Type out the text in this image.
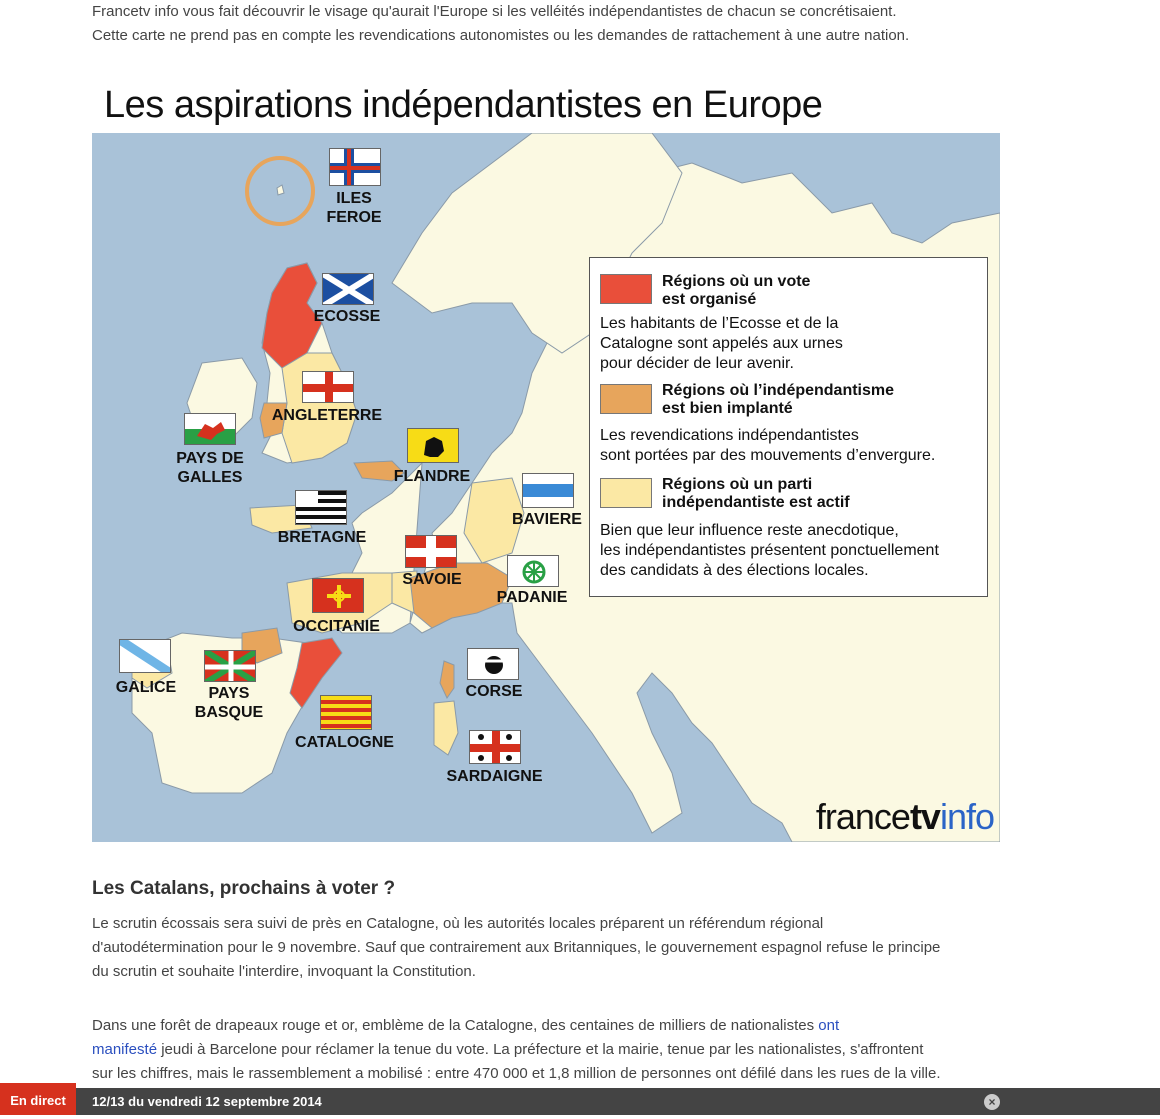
Francetv info vous fait découvrir le visage qu'aurait l'Europe si les velléités indépendantistes de chacun se concrétisaient.

Cette carte ne prend pas en compte les revendications autonomistes ou les demandes de rattachement à une autre nation.

Les aspirations indépendantistes en Europe
ILES
FEROE
ECOSSE
ANGLETERRE
PAYS DE
GALLES	FLANDRE
BAVIERE
BRETAGNE
SAVOIE
PADANIE
OCCITANIE
GALICE	PAYS
BASQUE
CORSE
CATALOGNE
SARDAIGNE
Régions où un vote
est organisé
Les habitants de l’Ecosse et de la
Catalogne sont appelés aux urnes
pour décider de leur avenir.
Régions où l’indépendantisme
est bien implanté
Les revendications indépendantistes
sont portées par des mouvements d’envergure.
Régions où un parti
indépendantiste est actif
Bien que leur influence reste anecdotique,
les indépendantistes présentent ponctuellement
des candidats à des élections locales.
francetvinfo
Les Catalans, prochains à voter ?

Le scrutin écossais sera suivi de près en Catalogne, où les autorités locales préparent un référendum régional
d'autodétermination pour le 9 novembre. Sauf que contrairement aux Britanniques, le gouvernement espagnol refuse le principe
du scrutin et souhaite l'interdire, invoquant la Constitution.

Dans une forêt de drapeaux rouge et or, emblème de la Catalogne, des centaines de milliers de nationalistes ont
manifesté jeudi à Barcelone pour réclamer la tenue du vote. La préfecture et la mairie, tenue par les nationalistes, s'affrontent
sur les chiffres, mais le rassemblement a mobilisé : entre 470 000 et 1,8 million de personnes ont défilé dans les rues de la ville.

En direct	12/13 du vendredi 12 septembre 2014	×
